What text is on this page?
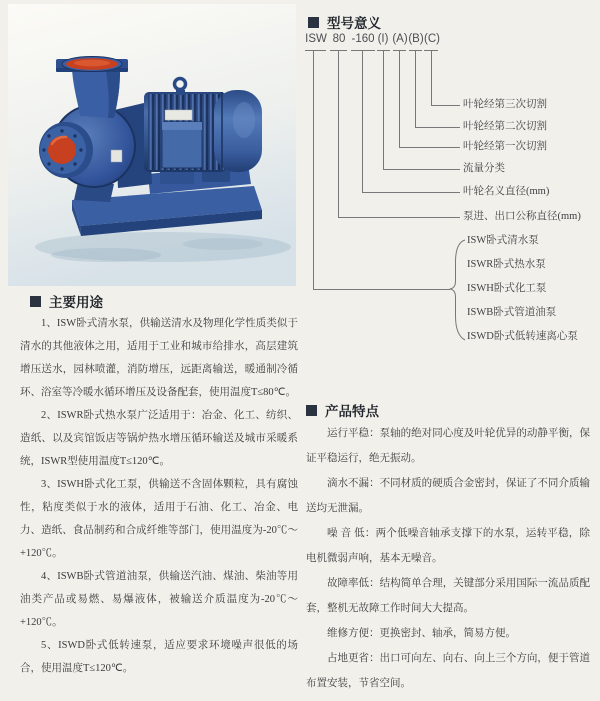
型号意义
ISW 80 -160 (I) (A) (B) (C)
叶轮经第三次切割
叶轮经第二次切割
叶轮经第一次切割
流量分类
叶轮名义直径(mm)
泵进、出口公称直径(mm)
ISW卧式清水泵
ISWR卧式热水泵
ISWH卧式化工泵
ISWB卧式管道油泵
ISWD卧式低转速离心泵
主要用途

1、ISW卧式清水泵，供输送清水及物理化学性质类似于清水的其他液体之用，适用于工业和城市给排水，高层建筑增压送水，园林喷灌，消防增压，远距离输送，暖通制冷循环、浴室等冷暖水循环增压及设备配套，使用温度T≤80℃。

2、ISWR卧式热水泵广泛适用于：冶金、化工、纺织、造纸、以及宾馆饭店等锅炉热水增压循环输送及城市采暖系统，ISWR型使用温度T≤120℃。

3、ISWH卧式化工泵，供输送不含固体颗粒，具有腐蚀性，粘度类似于水的液体，适用于石油、化工、冶金、电力、造纸、食品制药和合成纤维等部门，使用温度为-20℃～+120℃。

4、ISWB卧式管道油泵，供输送汽油、煤油、柴油等用油类产品或易燃、易爆液体，被输送介质温度为-20℃～+120℃。

5、ISWD卧式低转速泵，适应要求环境噪声很低的场合，使用温度T≤120℃。

产品特点

运行平稳：泵轴的绝对同心度及叶轮优异的动静平衡，保证平稳运行，绝无振动。

滴水不漏：不同材质的硬质合金密封，保证了不同介质输送均无泄漏。

噪 音 低：两个低噪音轴承支撑下的水泵，运转平稳，除电机微弱声响，基本无噪音。

故障率低：结构简单合理，关键部分采用国际一流品质配套，整机无故障工作时间大大提高。

维修方便：更换密封、轴承，简易方便。

占地更省：出口可向左、向右、向上三个方向，便于管道布置安装，节省空间。
